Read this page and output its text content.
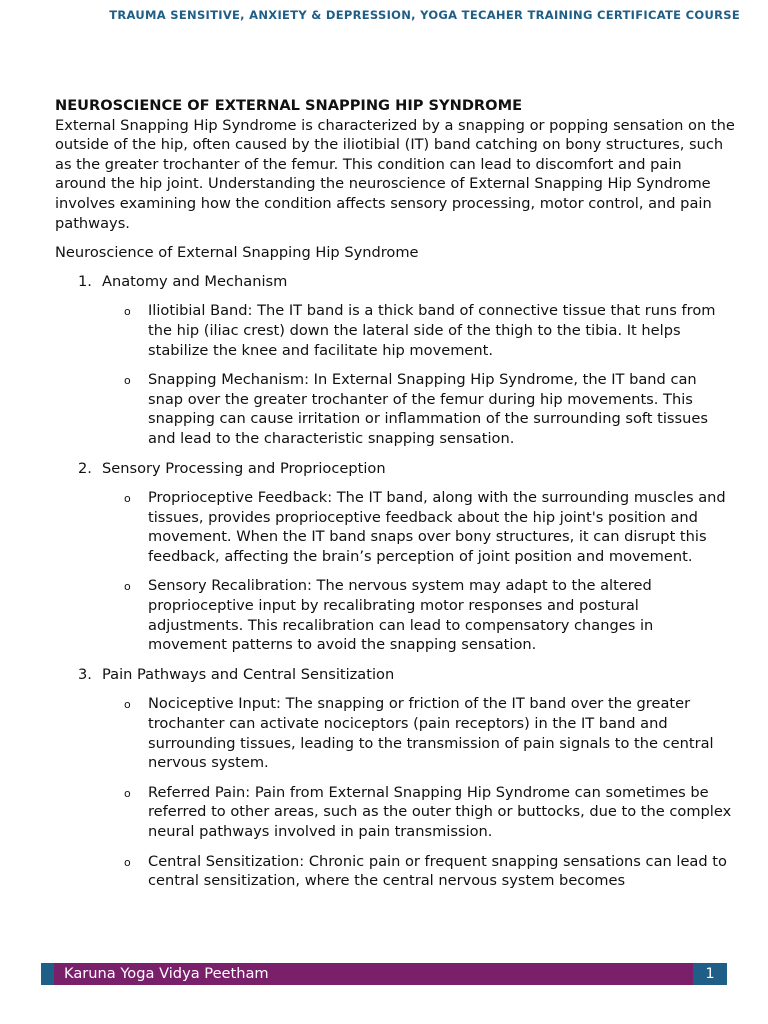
TRAUMA SENSITIVE, ANXIETY & DEPRESSION, YOGA TECAHER TRAINING CERTIFICATE COURSE

NEUROSCIENCE OF EXTERNAL SNAPPING HIP SYNDROME

External Snapping Hip Syndrome is characterized by a snapping or popping sensation on the outside of the hip, often caused by the iliotibial (IT) band catching on bony structures, such as the greater trochanter of the femur. This condition can lead to discomfort and pain around the hip joint. Understanding the neuroscience of External Snapping Hip Syndrome involves examining how the condition affects sensory processing, motor control, and pain pathways.

Neuroscience of External Snapping Hip Syndrome

1. Anatomy and Mechanism
o Iliotibial Band: The IT band is a thick band of connective tissue that runs from the hip (iliac crest) down the lateral side of the thigh to the tibia. It helps stabilize the knee and facilitate hip movement.
o Snapping Mechanism: In External Snapping Hip Syndrome, the IT band can snap over the greater trochanter of the femur during hip movements. This snapping can cause irritation or inflammation of the surrounding soft tissues and lead to the characteristic snapping sensation.
2. Sensory Processing and Proprioception
o Proprioceptive Feedback: The IT band, along with the surrounding muscles and tissues, provides proprioceptive feedback about the hip joint's position and movement. When the IT band snaps over bony structures, it can disrupt this feedback, affecting the brain’s perception of joint position and movement.
o Sensory Recalibration: The nervous system may adapt to the altered proprioceptive input by recalibrating motor responses and postural adjustments. This recalibration can lead to compensatory changes in movement patterns to avoid the snapping sensation.
3. Pain Pathways and Central Sensitization
o Nociceptive Input: The snapping or friction of the IT band over the greater trochanter can activate nociceptors (pain receptors) in the IT band and surrounding tissues, leading to the transmission of pain signals to the central nervous system.
o Referred Pain: Pain from External Snapping Hip Syndrome can sometimes be referred to other areas, such as the outer thigh or buttocks, due to the complex neural pathways involved in pain transmission.
o Central Sensitization: Chronic pain or frequent snapping sensations can lead to central sensitization, where the central nervous system becomes
Karuna Yoga Vidya Peetham	1
